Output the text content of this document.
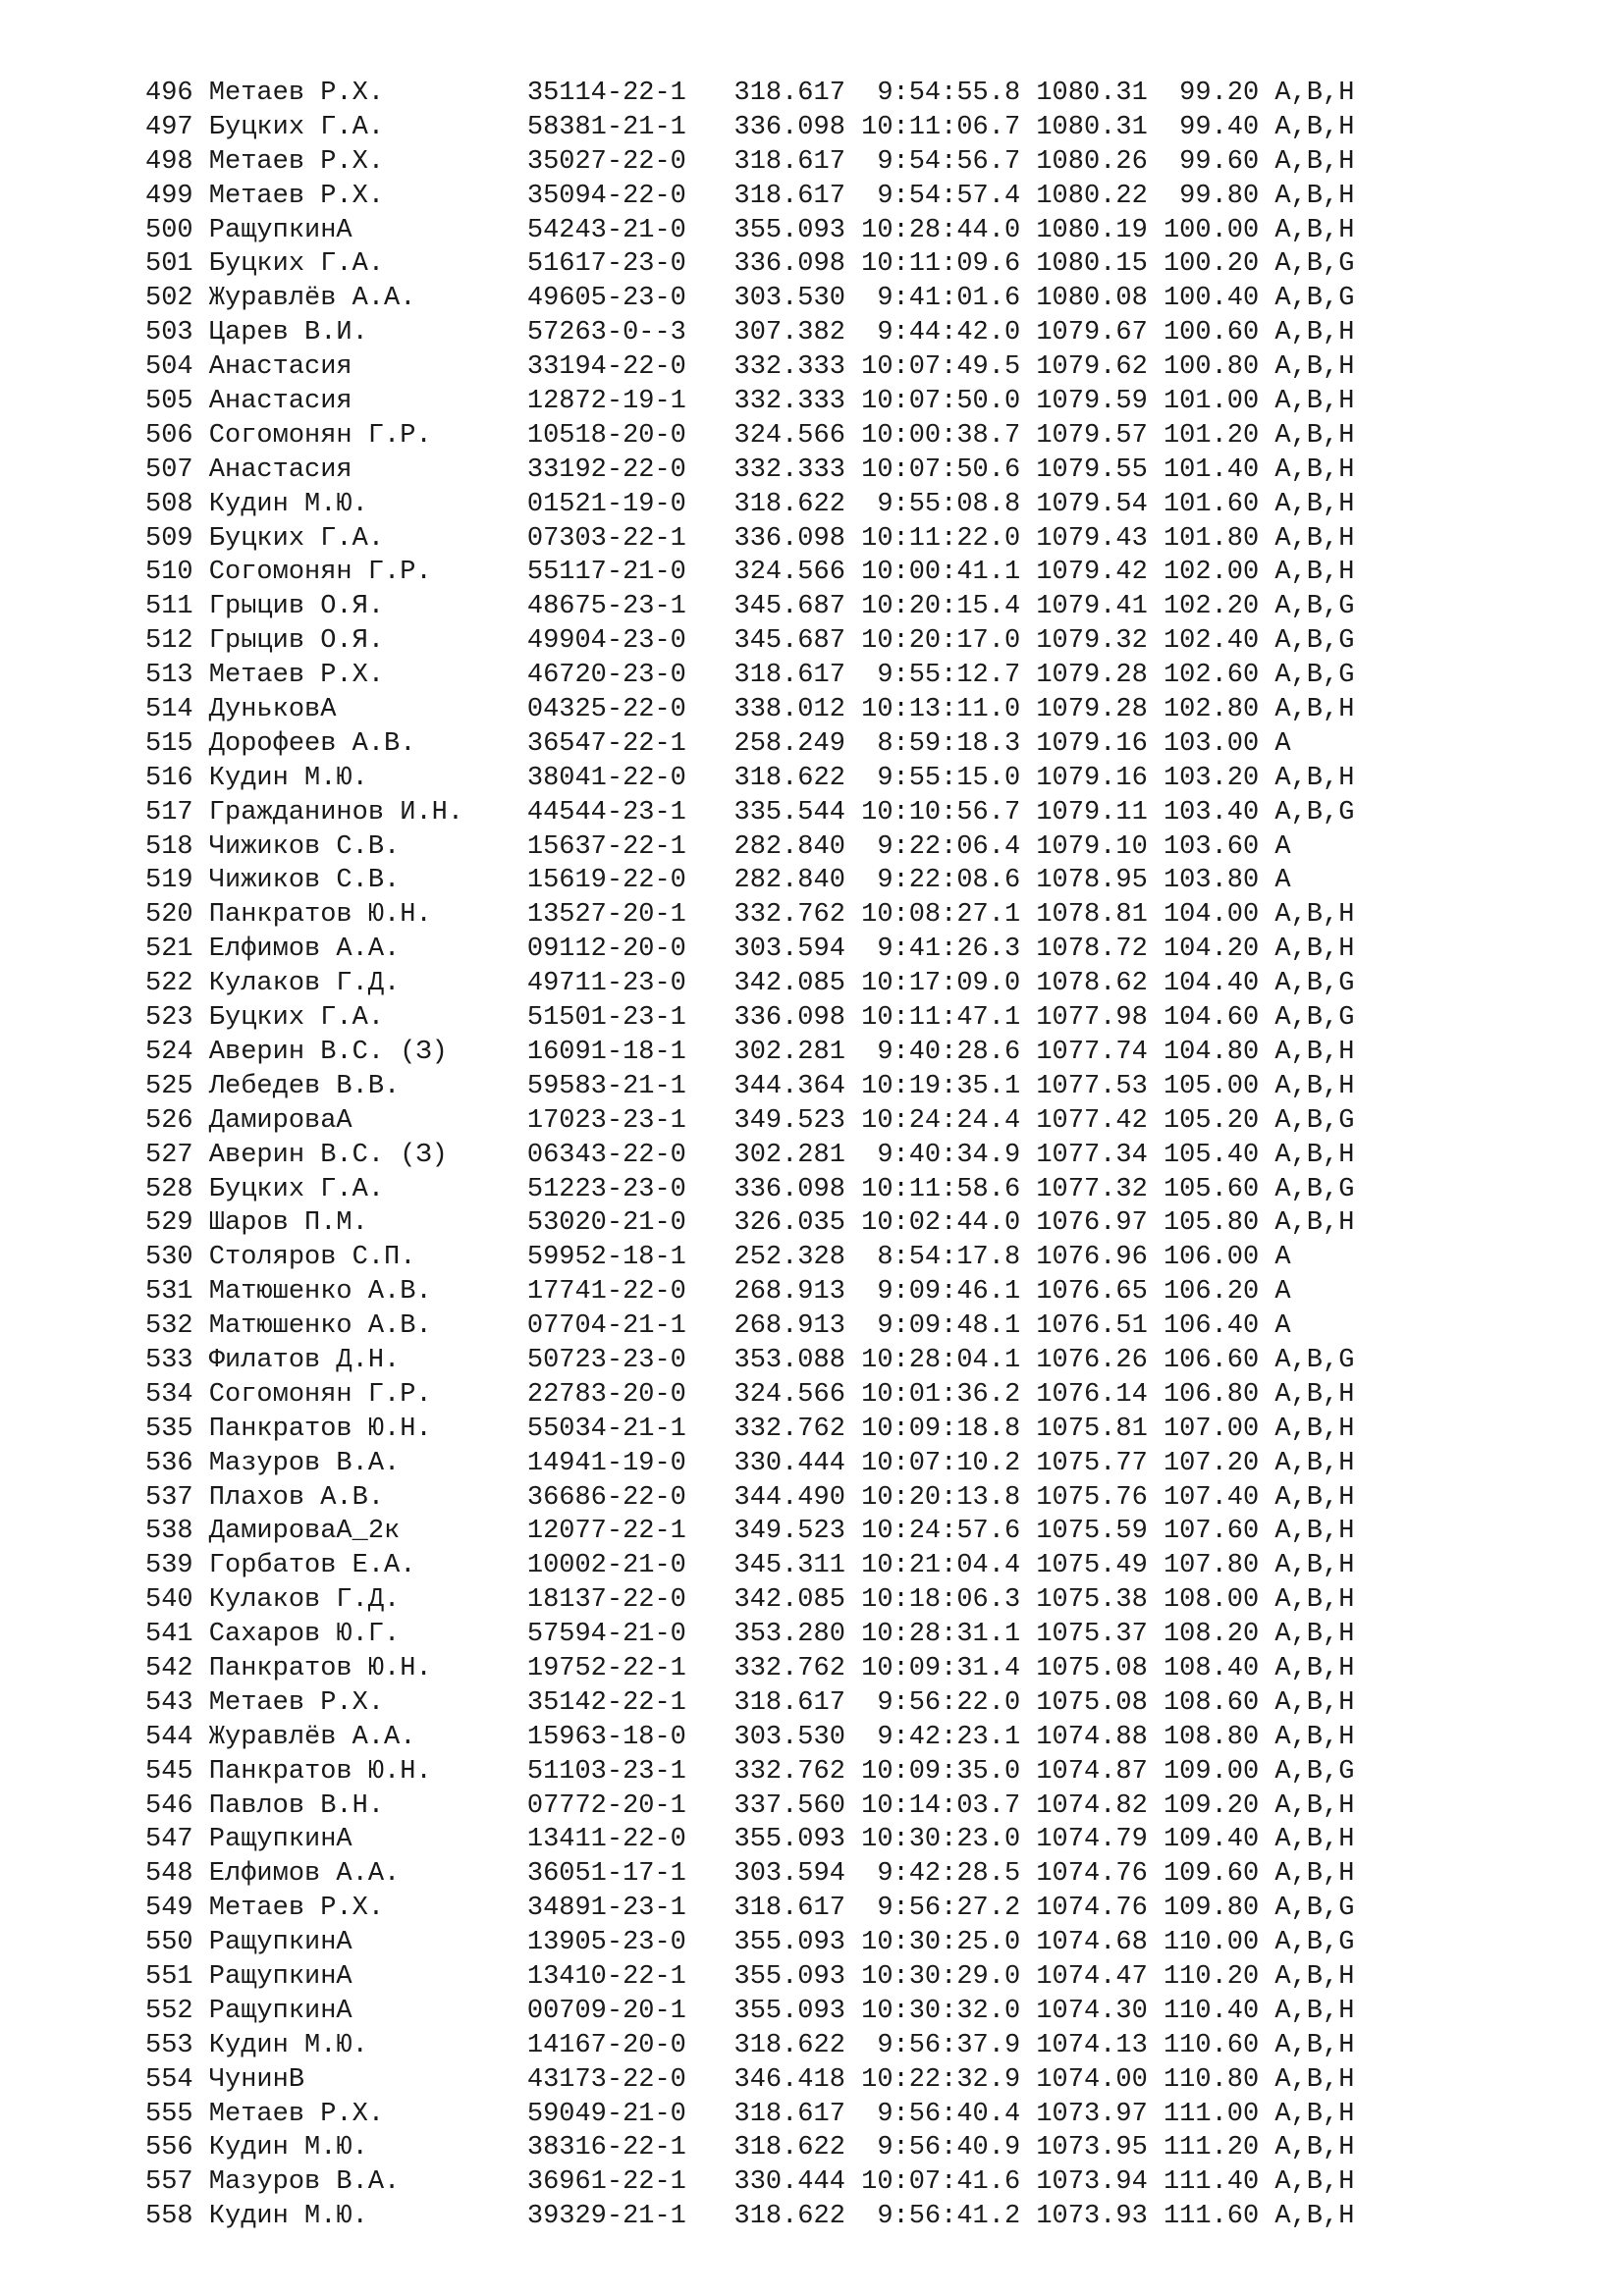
496 Метаев Р.Х.         35114-22-1   318.617  9:54:55.8 1080.31  99.20 A,B,H
497 Буцких Г.А.         58381-21-1   336.098 10:11:06.7 1080.31  99.40 A,B,H
498 Метаев Р.Х.         35027-22-0   318.617  9:54:56.7 1080.26  99.60 A,B,H
499 Метаев Р.Х.         35094-22-0   318.617  9:54:57.4 1080.22  99.80 A,B,H
500 РащупкинА           54243-21-0   355.093 10:28:44.0 1080.19 100.00 A,B,H
501 Буцких Г.А.         51617-23-0   336.098 10:11:09.6 1080.15 100.20 A,B,G
502 Журавлёв А.А.       49605-23-0   303.530  9:41:01.6 1080.08 100.40 A,B,G
503 Царев В.И.          57263-0--3   307.382  9:44:42.0 1079.67 100.60 A,B,H
504 Анастасия           33194-22-0   332.333 10:07:49.5 1079.62 100.80 A,B,H
505 Анастасия           12872-19-1   332.333 10:07:50.0 1079.59 101.00 A,B,H
506 Согомонян Г.Р.      10518-20-0   324.566 10:00:38.7 1079.57 101.20 A,B,H
507 Анастасия           33192-22-0   332.333 10:07:50.6 1079.55 101.40 A,B,H
508 Кудин М.Ю.          01521-19-0   318.622  9:55:08.8 1079.54 101.60 A,B,H
509 Буцких Г.А.         07303-22-1   336.098 10:11:22.0 1079.43 101.80 A,B,H
510 Согомонян Г.Р.      55117-21-0   324.566 10:00:41.1 1079.42 102.00 A,B,H
511 Грыцив О.Я.         48675-23-1   345.687 10:20:15.4 1079.41 102.20 A,B,G
512 Грыцив О.Я.         49904-23-0   345.687 10:20:17.0 1079.32 102.40 A,B,G
513 Метаев Р.Х.         46720-23-0   318.617  9:55:12.7 1079.28 102.60 A,B,G
514 ДуньковА            04325-22-0   338.012 10:13:11.0 1079.28 102.80 A,B,H
515 Дорофеев А.В.       36547-22-1   258.249  8:59:18.3 1079.16 103.00 A
516 Кудин М.Ю.          38041-22-0   318.622  9:55:15.0 1079.16 103.20 A,B,H
517 Гражданинов И.Н.    44544-23-1   335.544 10:10:56.7 1079.11 103.40 A,B,G
518 Чижиков С.В.        15637-22-1   282.840  9:22:06.4 1079.10 103.60 A
519 Чижиков С.В.        15619-22-0   282.840  9:22:08.6 1078.95 103.80 A
520 Панкратов Ю.Н.      13527-20-1   332.762 10:08:27.1 1078.81 104.00 A,B,H
521 Елфимов А.А.        09112-20-0   303.594  9:41:26.3 1078.72 104.20 A,B,H
522 Кулаков Г.Д.        49711-23-0   342.085 10:17:09.0 1078.62 104.40 A,B,G
523 Буцких Г.А.         51501-23-1   336.098 10:11:47.1 1077.98 104.60 A,B,G
524 Аверин В.С. (З)     16091-18-1   302.281  9:40:28.6 1077.74 104.80 A,B,H
525 Лебедев В.В.        59583-21-1   344.364 10:19:35.1 1077.53 105.00 A,B,H
526 ДамироваА           17023-23-1   349.523 10:24:24.4 1077.42 105.20 A,B,G
527 Аверин В.С. (З)     06343-22-0   302.281  9:40:34.9 1077.34 105.40 A,B,H
528 Буцких Г.А.         51223-23-0   336.098 10:11:58.6 1077.32 105.60 A,B,G
529 Шаров П.М.          53020-21-0   326.035 10:02:44.0 1076.97 105.80 A,B,H
530 Столяров С.П.       59952-18-1   252.328  8:54:17.8 1076.96 106.00 A
531 Матюшенко А.В.      17741-22-0   268.913  9:09:46.1 1076.65 106.20 A
532 Матюшенко А.В.      07704-21-1   268.913  9:09:48.1 1076.51 106.40 A
533 Филатов Д.Н.        50723-23-0   353.088 10:28:04.1 1076.26 106.60 A,B,G
534 Согомонян Г.Р.      22783-20-0   324.566 10:01:36.2 1076.14 106.80 A,B,H
535 Панкратов Ю.Н.      55034-21-1   332.762 10:09:18.8 1075.81 107.00 A,B,H
536 Мазуров В.А.        14941-19-0   330.444 10:07:10.2 1075.77 107.20 A,B,H
537 Плахов А.В.         36686-22-0   344.490 10:20:13.8 1075.76 107.40 A,B,H
538 ДамироваА_2к        12077-22-1   349.523 10:24:57.6 1075.59 107.60 A,B,H
539 Горбатов Е.А.       10002-21-0   345.311 10:21:04.4 1075.49 107.80 A,B,H
540 Кулаков Г.Д.        18137-22-0   342.085 10:18:06.3 1075.38 108.00 A,B,H
541 Сахаров Ю.Г.        57594-21-0   353.280 10:28:31.1 1075.37 108.20 A,B,H
542 Панкратов Ю.Н.      19752-22-1   332.762 10:09:31.4 1075.08 108.40 A,B,H
543 Метаев Р.Х.         35142-22-1   318.617  9:56:22.0 1075.08 108.60 A,B,H
544 Журавлёв А.А.       15963-18-0   303.530  9:42:23.1 1074.88 108.80 A,B,H
545 Панкратов Ю.Н.      51103-23-1   332.762 10:09:35.0 1074.87 109.00 A,B,G
546 Павлов В.Н.         07772-20-1   337.560 10:14:03.7 1074.82 109.20 A,B,H
547 РащупкинА           13411-22-0   355.093 10:30:23.0 1074.79 109.40 A,B,H
548 Елфимов А.А.        36051-17-1   303.594  9:42:28.5 1074.76 109.60 A,B,H
549 Метаев Р.Х.         34891-23-1   318.617  9:56:27.2 1074.76 109.80 A,B,G
550 РащупкинА           13905-23-0   355.093 10:30:25.0 1074.68 110.00 A,B,G
551 РащупкинА           13410-22-1   355.093 10:30:29.0 1074.47 110.20 A,B,H
552 РащупкинА           00709-20-1   355.093 10:30:32.0 1074.30 110.40 A,B,H
553 Кудин М.Ю.          14167-20-0   318.622  9:56:37.9 1074.13 110.60 A,B,H
554 ЧунинВ              43173-22-0   346.418 10:22:32.9 1074.00 110.80 A,B,H
555 Метаев Р.Х.         59049-21-0   318.617  9:56:40.4 1073.97 111.00 A,B,H
556 Кудин М.Ю.          38316-22-1   318.622  9:56:40.9 1073.95 111.20 A,B,H
557 Мазуров В.А.        36961-22-1   330.444 10:07:41.6 1073.94 111.40 A,B,H
558 Кудин М.Ю.          39329-21-1   318.622  9:56:41.2 1073.93 111.60 A,B,H
